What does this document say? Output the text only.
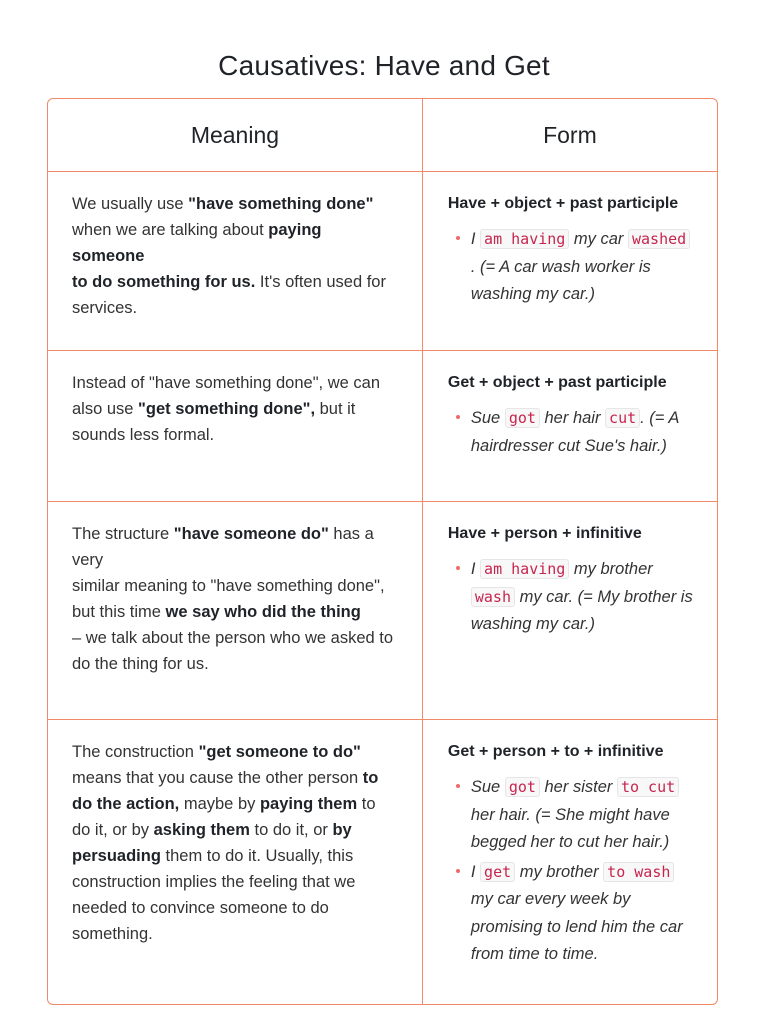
Causatives: Have and Get
Meaning	Form
We usually use "have something done"
when we are talking about paying someone
to do something for us. It's often used for services.
Have + object + past participle
I am having my car washed . (= A car wash worker is washing my car.)
Instead of "have something done", we can also use "get something done", but it sounds less formal.
Get + object + past participle
Sue got her hair cut . (= A hairdresser cut Sue's hair.)
The structure "have someone do" has a very
similar meaning to "have something done",
but this time we say who did the thing
– we talk about the person who we asked to do the thing for us.
Have + person + infinitive
I am having my brother wash my car. (= My brother is washing my car.)
The construction "get someone to do" means that you cause the other person to do the action, maybe by paying them to do it, or by asking them to do it, or by persuading them to do it. Usually, this construction implies the feeling that we needed to convince someone to do something.
Get + person + to + infinitive
Sue got her sister to cut her hair. (= She might have begged her to cut her hair.)
I get my brother to wash my car every week by promising to lend him the car from time to time.
